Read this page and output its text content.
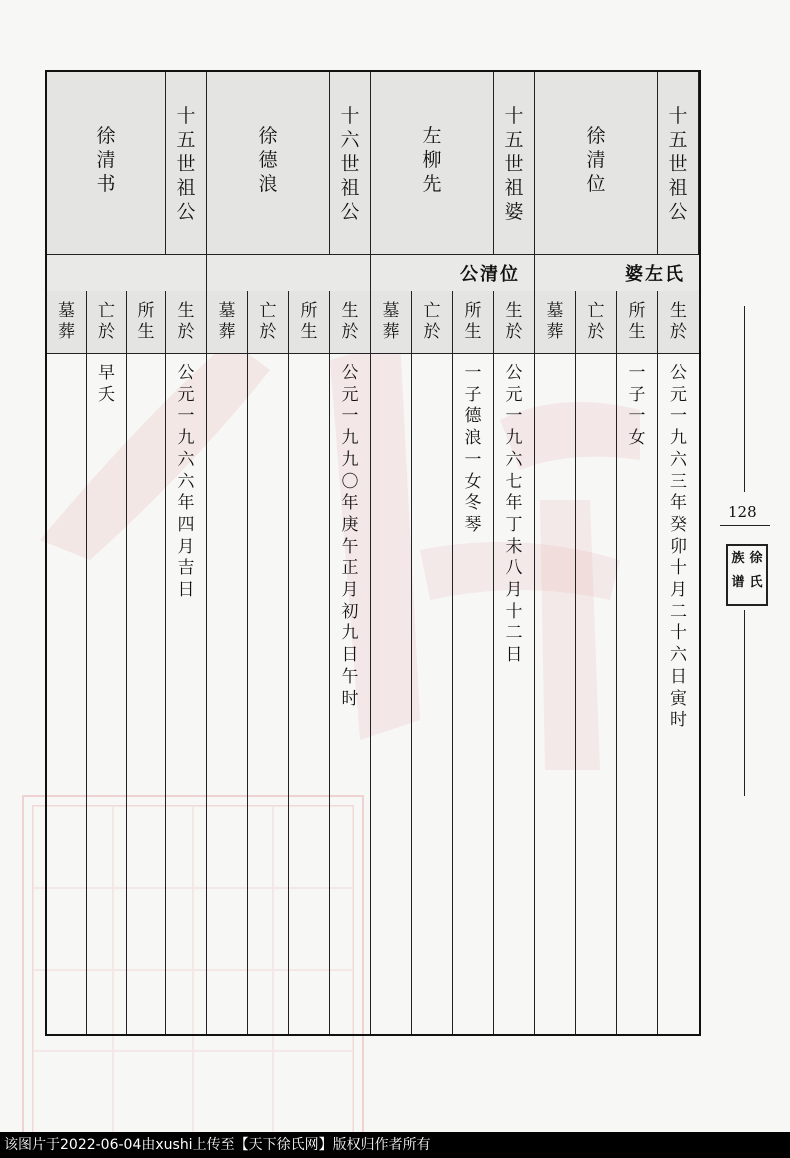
十
五
世
祖
公
徐
清
位
十
五
世
祖
婆
左
柳
先
十
六
世
祖
公
徐
德
浪
十
五
世
祖
公
徐
清
书
婆左氏
公清位
生
於
公
元
一
九
六
三
年
癸
卯
十
月
二
十
六
日
寅
时
所
生
一
子
一
女
亡
於
墓
葬
生
於
公
元
一
九
六
七
年
丁
未
八
月
十
二
日
所
生
一
子
德
浪
一
女
冬
琴
亡
於
墓
葬
生
於
公
元
一
九
九
〇
年
庚
午
正
月
初
九
日
午
时
所
生
亡
於
墓
葬
生
於
公
元
一
九
六
六
年
四
月
吉
日
所
生
亡
於
早
夭
墓
葬
128
徐
氏
族
谱
该图片于2022-06-04由xushi上传至【天下徐氏网】版权归作者所有
